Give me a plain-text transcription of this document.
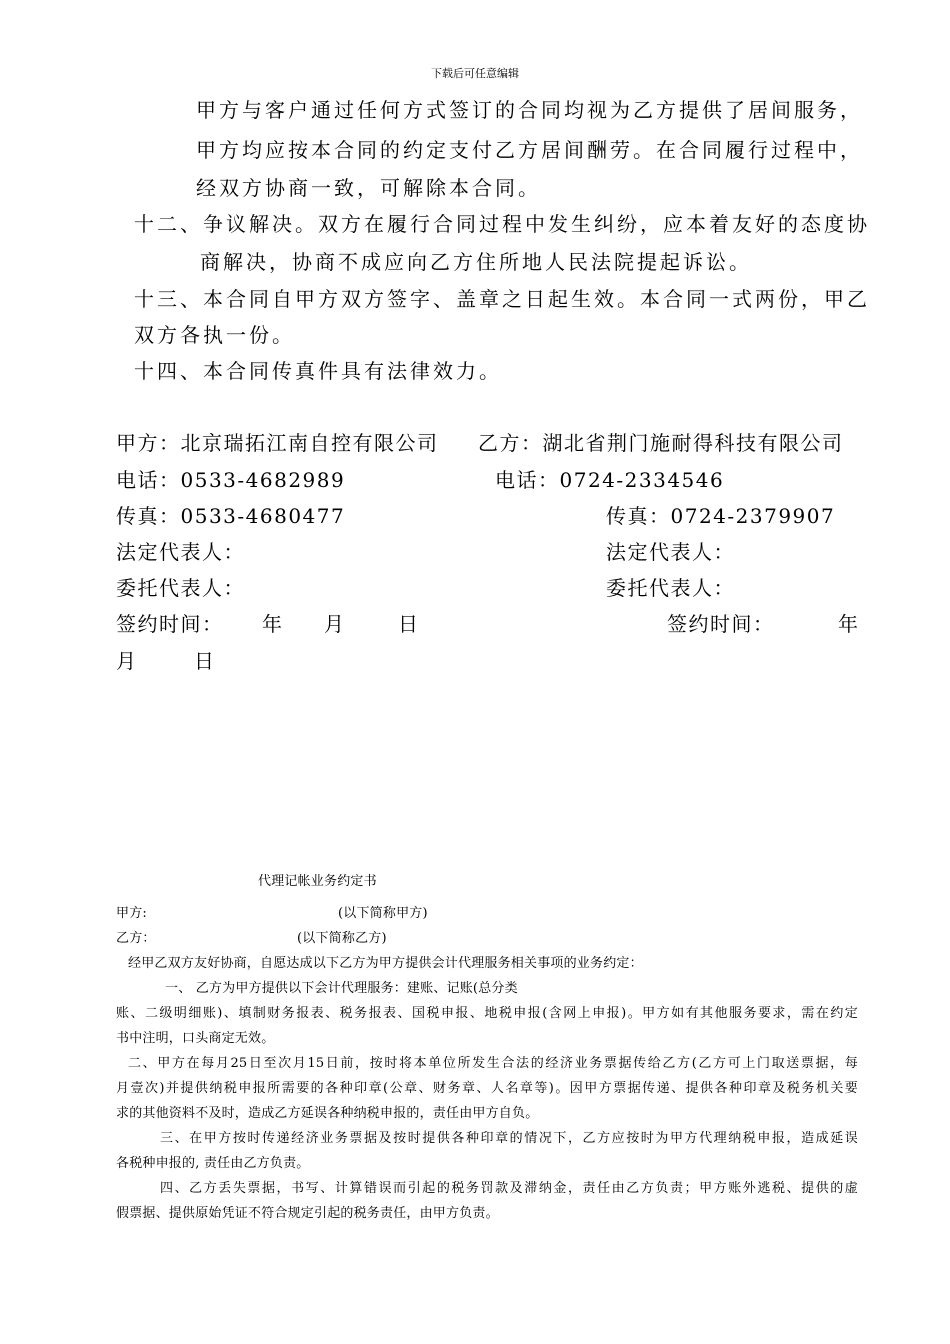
下载后可任意编辑
甲方与客户通过任何方式签订的合同均视为乙方提供了居间服务，
甲方均应按本合同的约定支付乙方居间酬劳。在合同履行过程中，
经双方协商一致，可解除本合同。
十二、争议解决。双方在履行合同过程中发生纠纷，应本着友好的态度协
商解决，协商不成应向乙方住所地人民法院提起诉讼。
十三、本合同自甲方双方签字、盖章之日起生效。本合同一式两份，甲乙
双方各执一份。
十四、本合同传真件具有法律效力。
甲方：北京瑞拓江南自控有限公司 乙方：湖北省荆门施耐得科技有限公司
电话：0533-4682989	电话：0724-2334546
传真：0533-4680477	传真：0724-2379907
法定代表人：	法定代表人：
委托代表人：	委托代表人：
签约时间： 年 月	日	签约时间：	年
月	日
代理记帐业务约定书
甲方:	(以下简称甲方)
乙方：	(以下简称乙方)
经甲乙双方友好协商，自愿达成以下乙方为甲方提供会计代理服务相关事项的业务约定：
一、 乙方为甲方提供以下会计代理服务：建账、记账(总分类
账、二级明细账)、填制财务报表、税务报表、国税申报、地税申报(含网上申报)。甲方如有其他服务要求，需在约定
书中注明，口头商定无效。
二、甲方在每月25日至次月15日前，按时将本单位所发生合法的经济业务票据传给乙方(乙方可上门取送票据，每
月壹次)并提供纳税申报所需要的各种印章(公章、财务章、人名章等)。因甲方票据传递、提供各种印章及税务机关要
求的其他资料不及时，造成乙方延误各种纳税申报的，责任由甲方自负。
三、在甲方按时传递经济业务票据及按时提供各种印章的情况下，乙方应按时为甲方代理纳税申报，造成延误
各税种申报的, 责任由乙方负责。
四、乙方丢失票据，书写、计算错误而引起的税务罚款及滞纳金，责任由乙方负责；甲方账外逃税、提供的虚
假票据、提供原始凭证不符合规定引起的税务责任，由甲方负责。
